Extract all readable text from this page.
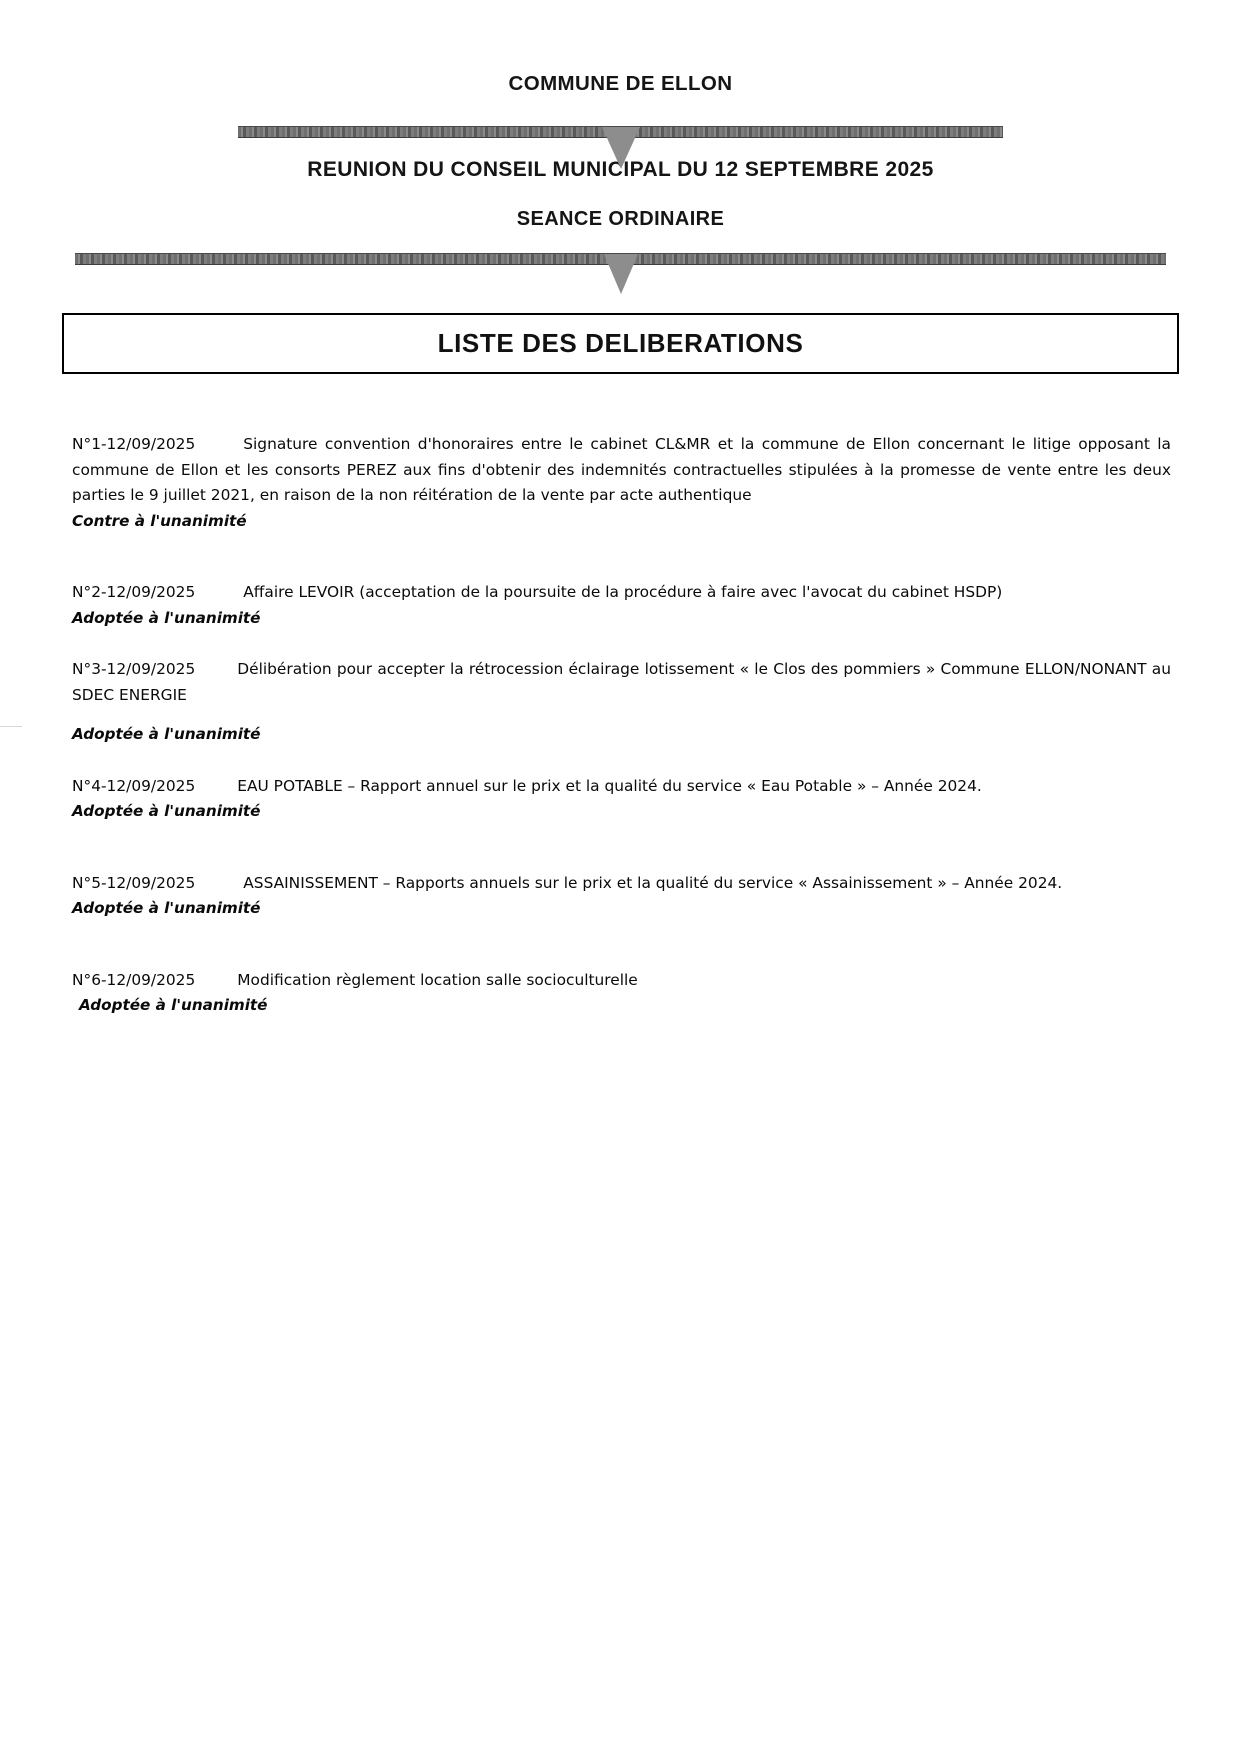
COMMUNE DE ELLON
REUNION DU CONSEIL MUNICIPAL DU 12 SEPTEMBRE 2025
SEANCE ORDINAIRE
LISTE DES DELIBERATIONS
N°1-12/09/2025	Signature convention d'honoraires entre le cabinet CL&MR et la commune de Ellon concernant le litige opposant la commune de Ellon et les consorts PEREZ aux fins d'obtenir des indemnités contractuelles stipulées à la promesse de vente entre les deux parties le 9 juillet 2021, en raison de la non réitération de la vente par acte authentique
Contre à l'unanimité
N°2-12/09/2025	Affaire LEVOIR (acceptation de la poursuite de la procédure à faire avec l'avocat du cabinet HSDP)
Adoptée à l'unanimité
N°3-12/09/2025	Délibération pour accepter la rétrocession éclairage lotissement « le Clos des pommiers » Commune ELLON/NONANT au SDEC ENERGIE
Adoptée à l'unanimité
N°4-12/09/2025	EAU POTABLE – Rapport annuel sur le prix et la qualité du service « Eau Potable » – Année 2024.
Adoptée à l'unanimité
N°5-12/09/2025	ASSAINISSEMENT – Rapports annuels sur le prix et la qualité du service « Assainissement » – Année 2024.
Adoptée à l'unanimité
N°6-12/09/2025	Modification règlement location salle socioculturelle
Adoptée à l'unanimité
